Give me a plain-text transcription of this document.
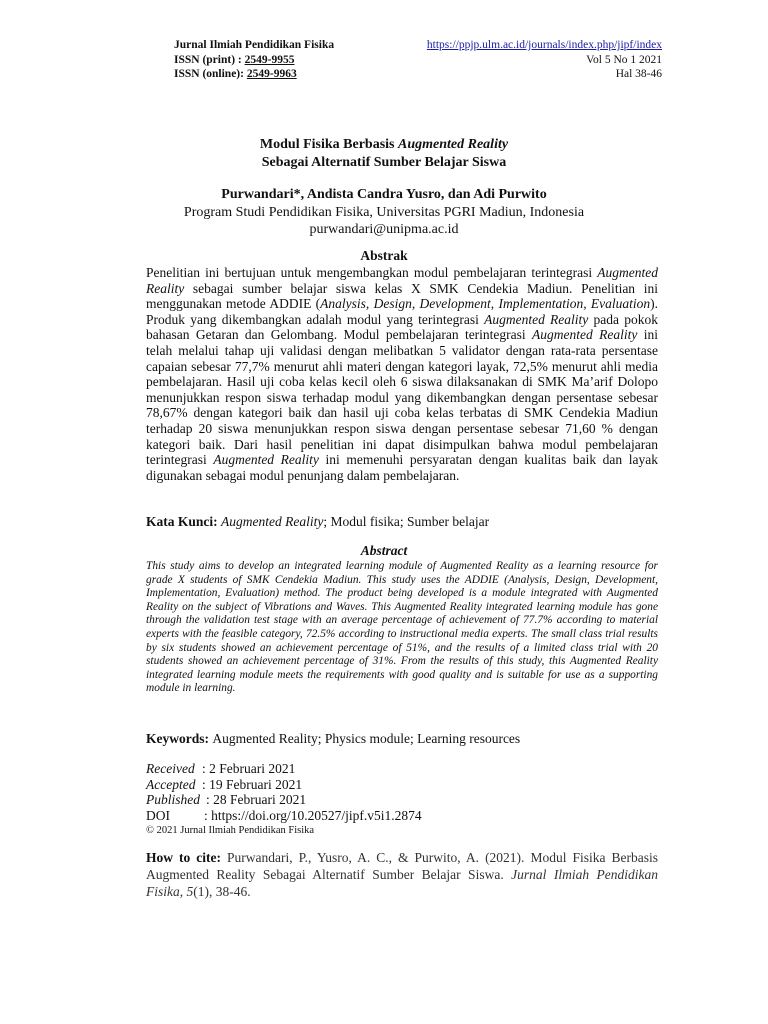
Jurnal Ilmiah Pendidikan Fisika
ISSN (print) : 2549-9955
ISSN (online): 2549-9963
https://ppjp.ulm.ac.id/journals/index.php/jipf/index
Vol 5 No 1 2021
Hal 38-46
Modul Fisika Berbasis Augmented Reality
Sebagai Alternatif Sumber Belajar Siswa
Purwandari*, Andista Candra Yusro, dan Adi Purwito
Program Studi Pendidikan Fisika, Universitas PGRI Madiun, Indonesia
purwandari@unipma.ac.id
Abstrak
Penelitian ini bertujuan untuk mengembangkan modul pembelajaran terintegrasi Augmented Reality sebagai sumber belajar siswa kelas X SMK Cendekia Madiun. Penelitian ini menggunakan metode ADDIE (Analysis, Design, Development, Implementation, Evaluation). Produk yang dikembangkan adalah modul yang terintegrasi Augmented Reality pada pokok bahasan Getaran dan Gelombang. Modul pembelajaran terintegrasi Augmented Reality ini telah melalui tahap uji validasi dengan melibatkan 5 validator dengan rata-rata persentase capaian sebesar 77,7% menurut ahli materi dengan kategori layak, 72,5% menurut ahli media pembelajaran. Hasil uji coba kelas kecil oleh 6 siswa dilaksanakan di SMK Ma’arif Dolopo menunjukkan respon siswa terhadap modul yang dikembangkan dengan persentase sebesar 78,67% dengan kategori baik dan hasil uji coba kelas terbatas di SMK Cendekia Madiun terhadap 20 siswa menunjukkan respon siswa dengan persentase sebesar 71,60 % dengan kategori baik. Dari hasil penelitian ini dapat disimpulkan bahwa modul pembelajaran terintegrasi Augmented Reality ini memenuhi persyaratan dengan kualitas baik dan layak digunakan sebagai modul penunjang dalam pembelajaran.
Kata Kunci: Augmented Reality; Modul fisika; Sumber belajar
Abstract
This study aims to develop an integrated learning module of Augmented Reality as a learning resource for grade X students of SMK Cendekia Madiun. This study uses the ADDIE (Analysis, Design, Development, Implementation, Evaluation) method. The product being developed is a module integrated with Augmented Reality on the subject of Vibrations and Waves. This Augmented Reality integrated learning module has gone through the validation test stage with an average percentage of achievement of 77.7% according to material experts with the feasible category, 72.5% according to instructional media experts. The small class trial results by six students showed an achievement percentage of 51%, and the results of a limited class trial with 20 students showed an achievement percentage of 31%. From the results of this study, this Augmented Reality integrated learning module meets the requirements with good quality and is suitable for use as a supporting module in learning.
Keywords: Augmented Reality; Physics module; Learning resources
Received : 2 Februari 2021
Accepted : 19 Februari 2021
Published : 28 Februari 2021
DOI	: https://doi.org/10.20527/jipf.v5i1.2874
© 2021 Jurnal Ilmiah Pendidikan Fisika
How to cite: Purwandari, P., Yusro, A. C., & Purwito, A. (2021). Modul Fisika Berbasis Augmented Reality Sebagai Alternatif Sumber Belajar Siswa. Jurnal Ilmiah Pendidikan Fisika, 5(1), 38-46.
